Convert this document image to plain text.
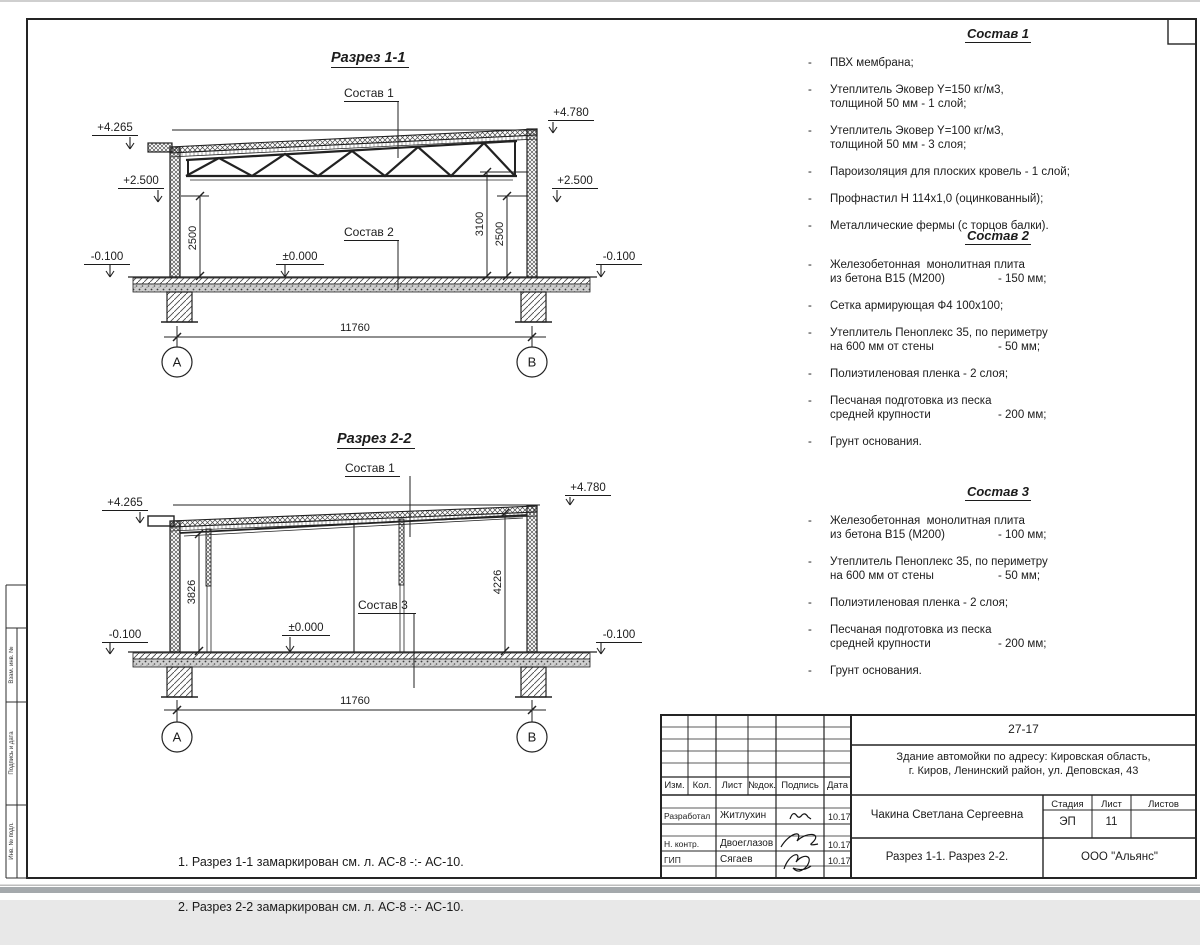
Разрез 1-1
Состав 1
Состав 2
+4.265
+4.780
+2.500	+2.500
±0.000
-0.100	-0.100
2500
3100 2500
11760
А	В
Разрез 2-2
Состав 1
Состав 3
+4.265
+4.780
±0.000
-0.100	-0.100
3826	4226
11760
А	В
Состав 1
-	ПВХ мембрана;
-	Утеплитель Эковер Y=150 кг/м3,
толщиной 50 мм - 1 слой;
-	Утеплитель Эковер Y=100 кг/м3,
толщиной 50 мм - 3 слоя;
-	Пароизоляция для плоских кровель - 1 слой;
-	Профнастил Н 114х1,0 (оцинкованный);
-	Металлические фермы (с торцов балки).
Состав 2
-	Железобетонная  монолитная плита
из бетона В15 (М200)	- 150 мм;
-	Сетка армирующая Ф4 100х100;
-	Утеплитель Пеноплекс 35, по периметру
на 600 мм от стены	- 50 мм;
-	Полиэтиленовая пленка - 2 слоя;
-	Песчаная подготовка из песка
средней крупности	- 200 мм;
-	Грунт основания.
Состав 3
-	Железобетонная  монолитная плита
из бетона В15 (М200)	- 100 мм;
-	Утеплитель Пеноплекс 35, по периметру
на 600 мм от стены	- 50 мм;
-	Полиэтиленовая пленка - 2 слоя;
-	Песчаная подготовка из песка
средней крупности	- 200 мм;
-	Грунт основания.

1. Разрез 1-1 замаркирован см. л. АС-8 -:- АС-10.

2. Разрез 2-2 замаркирован см. л. АС-8 -:- АС-10.

Взам. инв. №
Подпись и дата
Инв. № подл.
27-17
Здание автомойки по адресу: Кировская область,
г. Киров, Ленинский район, ул. Деповская, 43
Изм. Кол.	Лист №док. Подпись Дата
Разработал Житлухин	10.17
Н. контр. Двоеглазов	10.17
ГИП	Сягаев	10.17
Чакина Светлана Сергеевна
Стадия	Лист	Листов
ЭП	11
Разрез 1-1. Разрез 2-2.	ООО "Альянс"
